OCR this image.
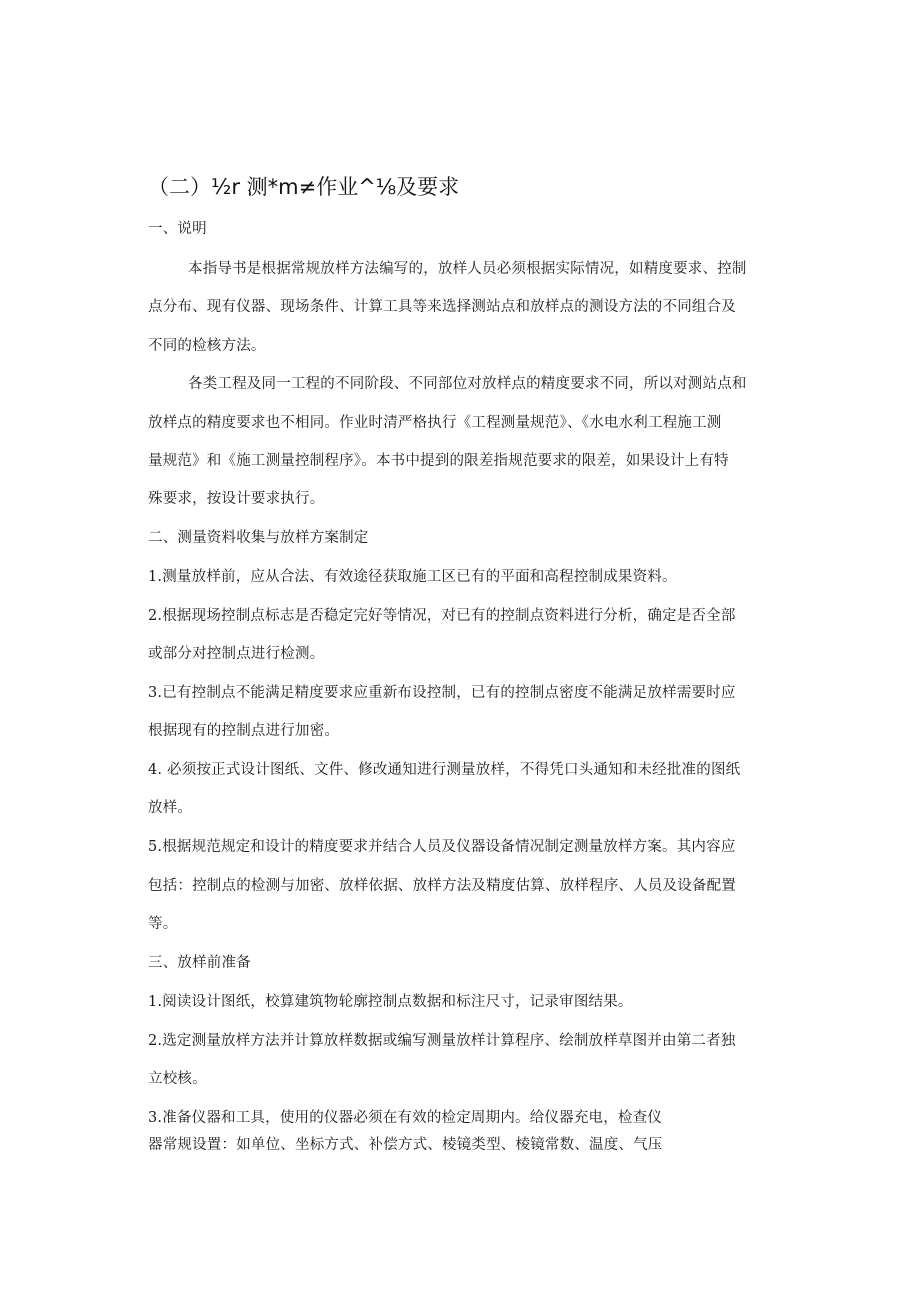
（二）½r 测*m≠作业^⅛及要求
一、说明
本指导书是根据常规放样方法编写的，放样人员必须根据实际情况，如精度要求、控制
点分布、现有仪器、现场条件、计算工具等来选择测站点和放样点的测设方法的不同组合及
不同的检核方法。
各类工程及同一工程的不同阶段、不同部位对放样点的精度要求不同，所以对测站点和
放样点的精度要求也不相同。作业时清严格执行《工程测量规范》、《水电水利工程施工测
量规范》和《施工测量控制程序》。本书中提到的限差指规范要求的限差，如果设计上有特
殊要求，按设计要求执行。
二、测量资料收集与放样方案制定
1.测量放样前，应从合法、有效途径获取施工区已有的平面和高程控制成果资料。
2.根据现场控制点标志是否稳定完好等情况，对已有的控制点资料进行分析，确定是否全部
或部分对控制点进行检测。
3.已有控制点不能满足精度要求应重新布设控制，已有的控制点密度不能满足放样需要时应
根据现有的控制点进行加密。
4. 必须按正式设计图纸、文件、修改通知进行测量放样，不得凭口头通知和未经批准的图纸
放样。
5.根据规范规定和设计的精度要求并结合人员及仪器设备情况制定测量放样方案。其内容应
包括：控制点的检测与加密、放样依据、放样方法及精度估算、放样程序、人员及设备配置
等。
三、放样前准备
1.阅读设计图纸，校算建筑物轮廓控制点数据和标注尺寸，记录审图结果。
2.选定测量放样方法并计算放样数据或编写测量放样计算程序、绘制放样草图并由第二者独
立校核。
3.准备仪器和工具，使用的仪器必须在有效的检定周期内。给仪器充电，检查仪
器常规设置：如单位、坐标方式、补偿方式、棱镜类型、棱镜常数、温度、气压
